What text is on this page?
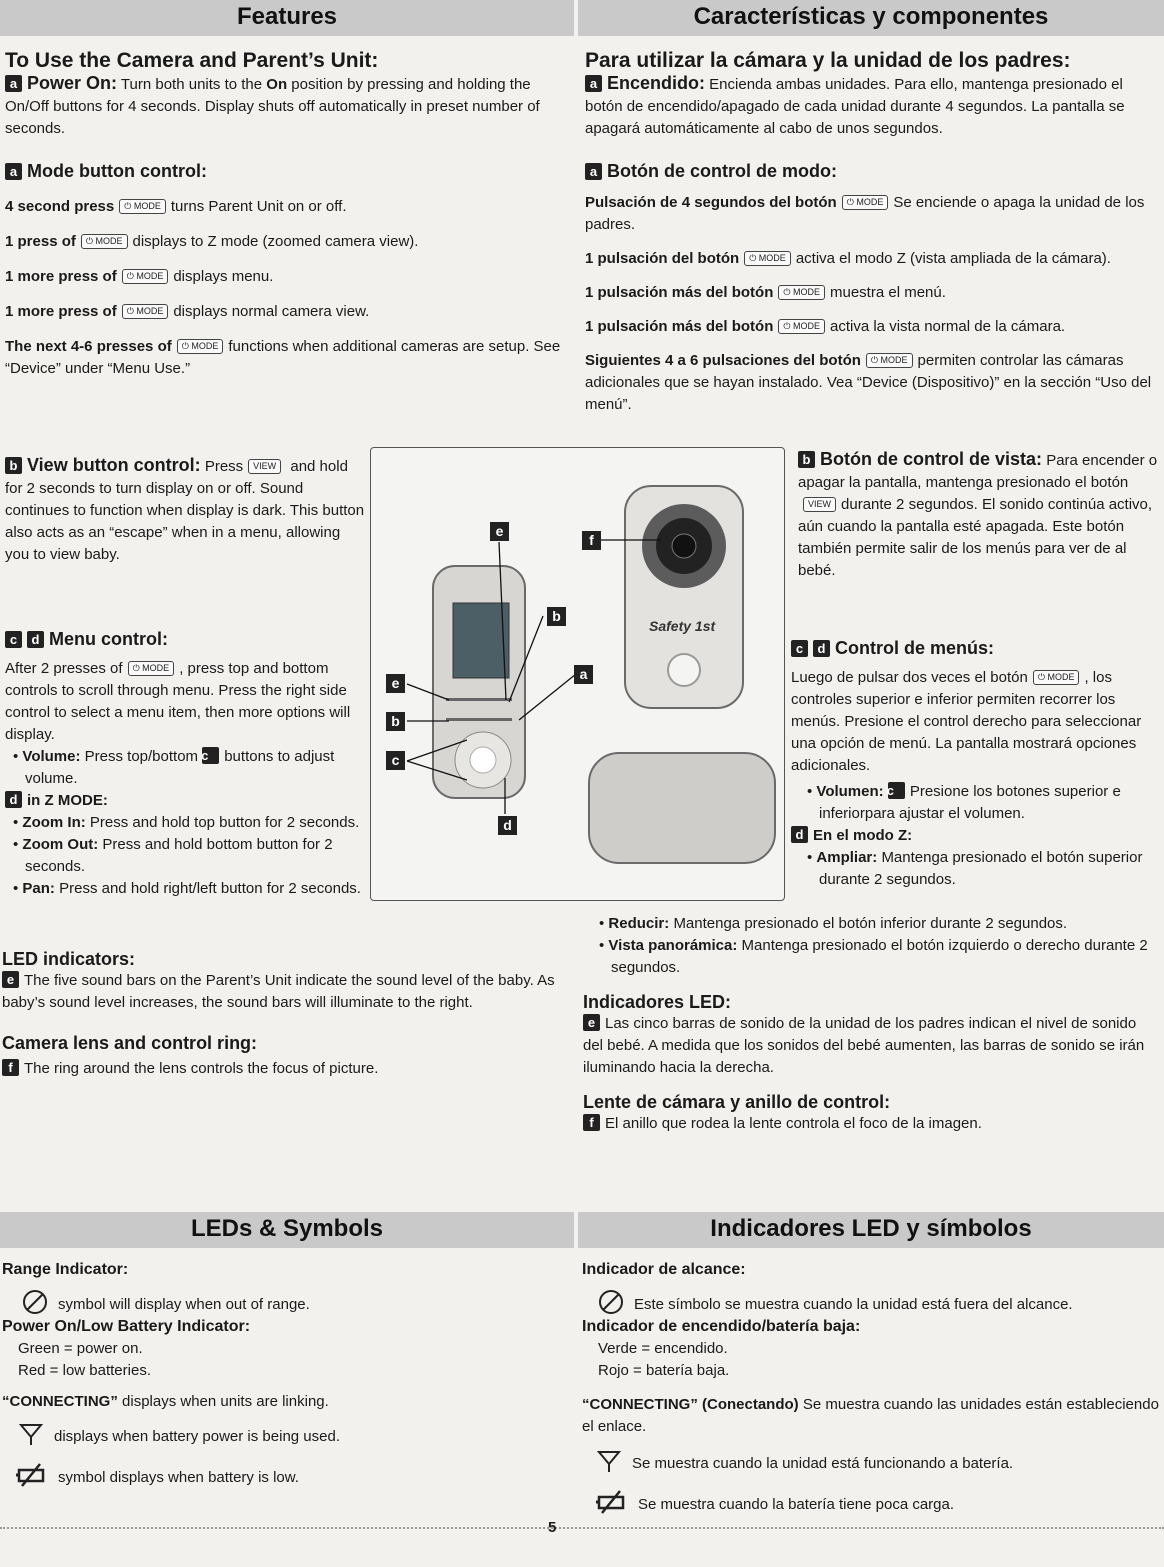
Features	Características y componentes

To Use the Camera and Parent’s Unit:

a Power On: Turn both units to the On position by pressing and holding the On/Off buttons for 4 seconds. Display shuts off automatically in preset number of seconds.

a Mode button control:

4 second press ⏻ MODE turns Parent Unit on or off.

1 press of ⏻ MODE displays to Z mode (zoomed camera view).

1 more press of ⏻ MODE displays menu.

1 more press of ⏻ MODE displays normal camera view.

The next 4-6 presses of ⏻ MODE functions when additional cameras are setup. See “Device” under “Menu Use.”

b View button control: Press VIEW and hold for 2 seconds to turn display on or off. Sound continues to function when display is dark. This button also acts as an “escape” when in a menu, allowing you to view baby.

c d Menu control:

After 2 presses of ⏻ MODE , press top and bottom controls to scroll through menu. Press the right side control to select a menu item, then more options will display.

• Volume: Press top/bottom c buttons to adjust volume.

d in Z MODE:

• Zoom In: Press and hold top button for 2 seconds.

• Zoom Out: Press and hold bottom button for 2 seconds.

• Pan: Press and hold right/left button for 2 seconds.

LED indicators:

e The five sound bars on the Parent’s Unit indicate the sound level of the baby. As baby’s sound level increases, the sound bars will illuminate to the right.

Camera lens and control ring:

f The ring around the lens controls the focus of picture.

Para utilizar la cámara y la unidad de los padres:

a Encendido: Encienda ambas unidades. Para ello, mantenga presionado el botón de encendido/apagado de cada unidad durante 4 segundos. La pantalla se apagará automáticamente al cabo de unos segundos.

a Botón de control de modo:

Pulsación de 4 segundos del botón ⏻ MODE Se enciende o apaga la unidad de los padres.

1 pulsación del botón ⏻ MODE activa el modo Z (vista ampliada de la cámara).

1 pulsación más del botón ⏻ MODE muestra el menú.

1 pulsación más del botón ⏻ MODE activa la vista normal de la cámara.

Siguientes 4 a 6 pulsaciones del botón ⏻ MODE permiten controlar las cámaras adicionales que se hayan instalado. Vea “Device (Dispositivo)” en la sección “Uso del menú”.

b Botón de control de vista: Para encender o apagar la pantalla, mantenga presionado el botónVIEW durante 2 segundos. El sonido continúa activo, aún cuando la pantalla esté apagada. Este botón también permite salir de los menús para ver de al bebé.

c d Control de menús:

Luego de pulsar dos veces el botón ⏻ MODE , los controles superior e inferior permiten recorrer los menús. Presione el control derecho para seleccionar una opción de menú. La pantalla mostrará opciones adicionales.

• Volumen: c Presione los botones superior e inferiorpara ajustar el volumen.

d En el modo Z:

• Ampliar: Mantenga presionado el botón superior durante 2 segundos.

• Reducir: Mantenga presionado el botón inferior durante 2 segundos.

• Vista panorámica: Mantenga presionado el botón izquierdo o derecho durante 2 segundos.

Indicadores LED:

e Las cinco barras de sonido de la unidad de los padres indican el nivel de sonido del bebé. A medida que los sonidos del bebé aumenten, las barras de sonido se irán iluminando hacia la derecha.

Lente de cámara y anillo de control:

f El anillo que rodea la lente controla el foco de la imagen.

e
b
e
b
c
d
a
f
Safety 1st
LEDs & Symbols	Indicadores LED y símbolos

Range Indicator:

symbol will display when out of range.

Power On/Low Battery Indicator:

Green = power on.

Red = low batteries.

“CONNECTING” displays when units are linking.

displays when battery power is being used.

symbol displays when battery is low.

Indicador de alcance:

Este símbolo se muestra cuando la unidad está fuera del alcance.

Indicador de encendido/batería baja:

Verde = encendido.

Rojo = batería baja.

“CONNECTING” (Conectando) Se muestra cuando las unidades están estableciendo el enlace.

Se muestra cuando la unidad está funcionando a batería.

Se muestra cuando la batería tiene poca carga.

5
